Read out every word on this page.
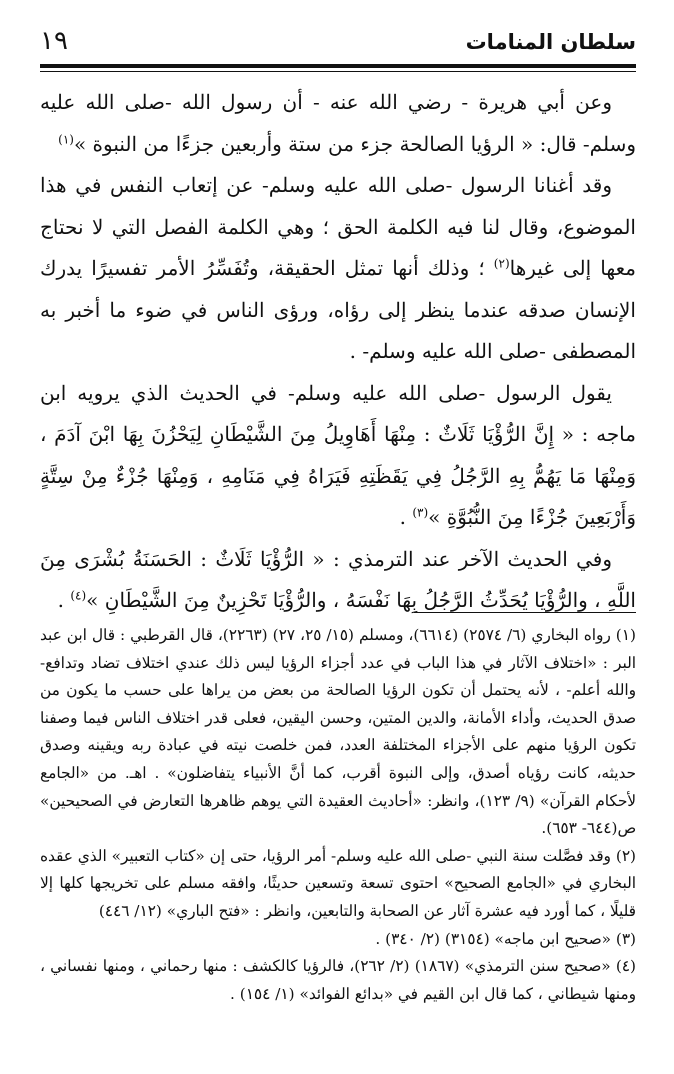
سلطان المنامات
١٩

وعن أبي هريرة - رضي الله عنه - أن رسول الله -صلى الله عليه وسلم- قال: « الرؤيا الصالحة جزء من ستة وأربعين جزءًا من النبوة »$^{(١)}$

وقد أغنانا الرسول -صلى الله عليه وسلم- عن إتعاب النفس في هذا الموضوع، وقال لنا فيه الكلمة الحق ؛ وهي الكلمة الفصل التي لا نحتاج معها إلى غيرها$^{(٢)}$ ؛ وذلك أنها تمثل الحقيقة، وتُفَسِّرُ الأمر تفسيرًا يدرك الإنسان صدقه عندما ينظر إلى رؤاه، ورؤى الناس في ضوء ما أخبر به المصطفى -صلى الله عليه وسلم- .

يقول الرسول -صلى الله عليه وسلم- في الحديث الذي يرويه ابن ماجه : « إِنَّ الرُّؤْيَا ثَلَاثٌ : مِنْهَا أَهَاوِيلُ مِنَ الشَّيْطَانِ لِيَحْزُنَ بِهَا ابْنَ آدَمَ ، وَمِنْهَا مَا يَهُمُّ بِهِ الرَّجُلُ فِي يَقَظَتِهِ فَيَرَاهُ فِي مَنَامِهِ ، وَمِنْهَا جُزْءٌ مِنْ سِتَّةٍ وَأَرْبَعِينَ جُزْءًا مِنَ النُّبُوَّةِ »$^{(٣)}$ .

وفي الحديث الآخر عند الترمذي : « الرُّؤْيَا ثَلَاثٌ : الحَسَنَةُ بُشْرَى مِنَ اللَّهِ ، والرُّؤْيَا يُحَدِّثُ الرَّجُلُ بِهَا نَفْسَهُ ، والرُّؤْيَا تَحْزِينٌ مِنَ الشَّيْطَانِ »$^{(٤)}$ .

(١) رواه البخاري (٦/ ٢٥٧٤) (٦٦١٤)، ومسلم (١٥/ ٢٥، ٢٧) (٢٢٦٣)، قال القرطبي : قال ابن عبد البر : «اختلاف الآثار في هذا الباب في عدد أجزاء الرؤيا ليس ذلك عندي اختلاف تضاد وتدافع- والله أعلم- ، لأنه يحتمل أن تكون الرؤيا الصالحة من بعض من يراها على حسب ما يكون من صدق الحديث، وأداء الأمانة، والدين المتين، وحسن اليقين، فعلى قدر اختلاف الناس فيما وصفنا تكون الرؤيا منهم على الأجزاء المختلفة العدد، فمن خلصت نيته في عبادة ربه ويقينه وصدق حديثه، كانت رؤياه أصدق، وإلى النبوة أقرب، كما أنَّ الأنبياء يتفاضلون» . اهـ. من «الجامع لأحكام القرآن» (٩/ ١٢٣)، وانظر: «أحاديث العقيدة التي يوهم ظاهرها التعارض في الصحيحين» ص(٦٤٤- ٦٥٣).

(٢) وقد فصَّلت سنة النبي -صلى الله عليه وسلم- أمر الرؤيا، حتى إن «كتاب التعبير» الذي عقده البخاري في «الجامع الصحيح» احتوى تسعة وتسعين حديثًا، وافقه مسلم على تخريجها كلها إلا قليلًا ، كما أورد فيه عشرة آثار عن الصحابة والتابعين، وانظر : «فتح الباري» (١٢/ ٤٤٦)

(٣) «صحيح ابن ماجه» (٣١٥٤) (٢/ ٣٤٠) .

(٤) «صحيح سنن الترمذي» (١٨٦٧) (٢/ ٢٦٢)، فالرؤيا كالكشف : منها رحماني ، ومنها نفساني ، ومنها شيطاني ، كما قال ابن القيم في «بدائع الفوائد» (١/ ١٥٤) .
